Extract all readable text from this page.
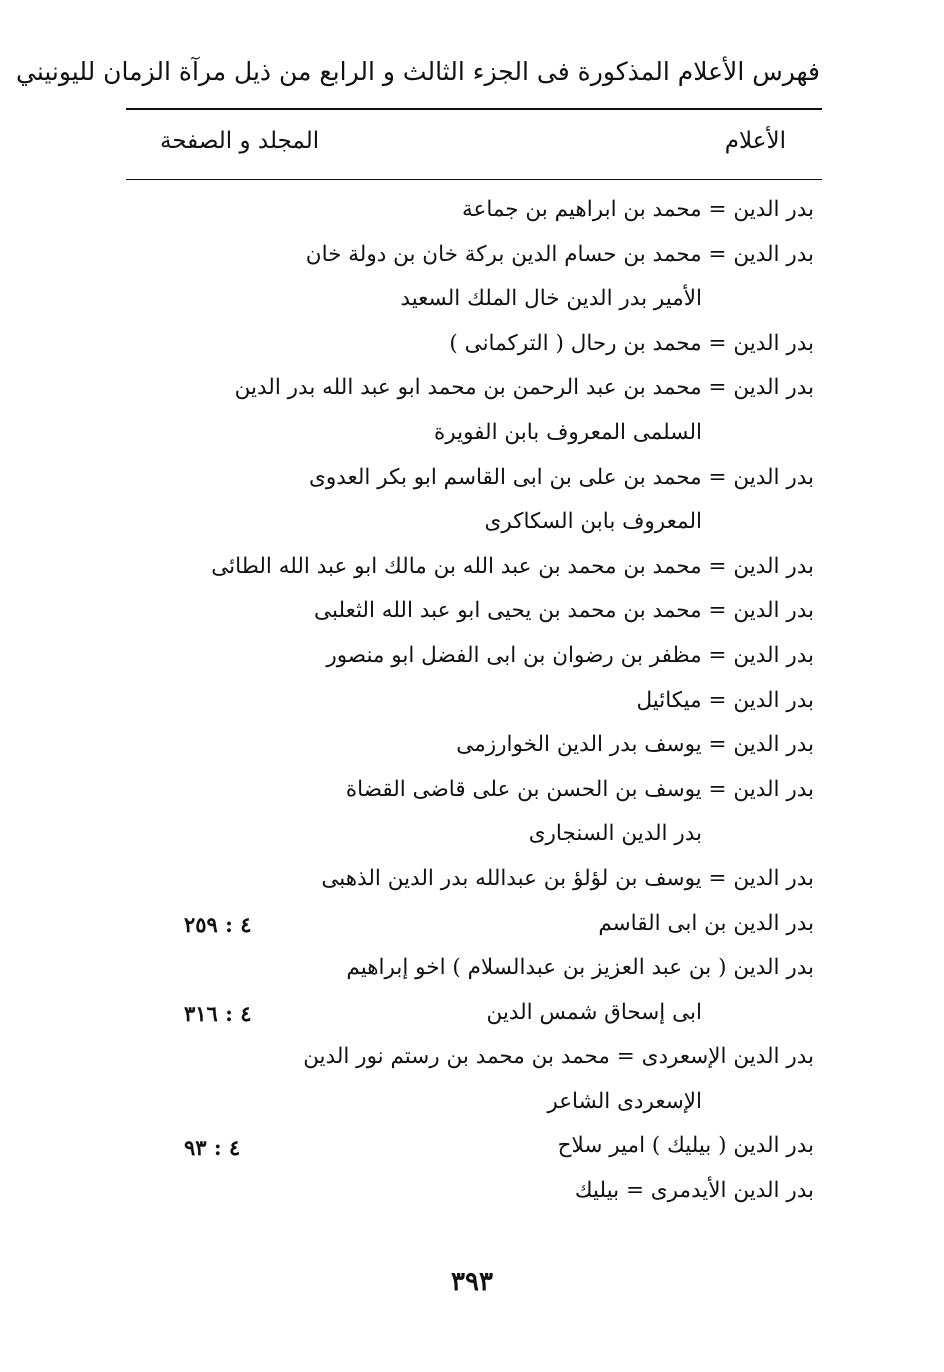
فهرس الأعلام المذكورة فى الجزء الثالث و الرابع من ذيل مرآة الزمان لليونيني
الأعلام
المجلد و الصفحة
بدر الدين = محمد بن ابراهيم بن جماعة
بدر الدين = محمد بن حسام الدين بركة خان بن دولة خان
الأمير بدر الدين خال الملك السعيد
بدر الدين = محمد بن رحال ( التركمانى )
بدر الدين = محمد بن عبد الرحمن بن محمد ابو عبد الله بدر الدين
السلمى المعروف بابن الفويرة
بدر الدين = محمد بن على بن ابى القاسم ابو بكر العدوى
المعروف بابن السكاكرى
بدر الدين = محمد بن محمد بن عبد الله بن مالك ابو عبد الله الطائى
بدر الدين = محمد بن محمد بن يحيى ابو عبد الله الثعلبى
بدر الدين = مظفر بن رضوان بن ابى الفضل ابو منصور
بدر الدين = ميكائيل
بدر الدين = يوسف بدر الدين الخوارزمى
بدر الدين = يوسف بن الحسن بن على قاضى القضاة
بدر الدين السنجارى
بدر الدين = يوسف بن لؤلؤ بن عبدالله بدر الدين الذهبى
بدر الدين بن ابى القاسم
٤ : ٢٥٩
بدر الدين ( بن عبد العزيز بن عبدالسلام ) اخو إبراهيم
ابى إسحاق شمس الدين
٤ : ٣١٦
بدر الدين الإسعردى = محمد بن محمد بن رستم نور الدين
الإسعردى الشاعر
بدر الدين ( بيليك ) امير سلاح
٤ : ٩٣
بدر الدين الأيدمرى = بيليك
٣٩٣
